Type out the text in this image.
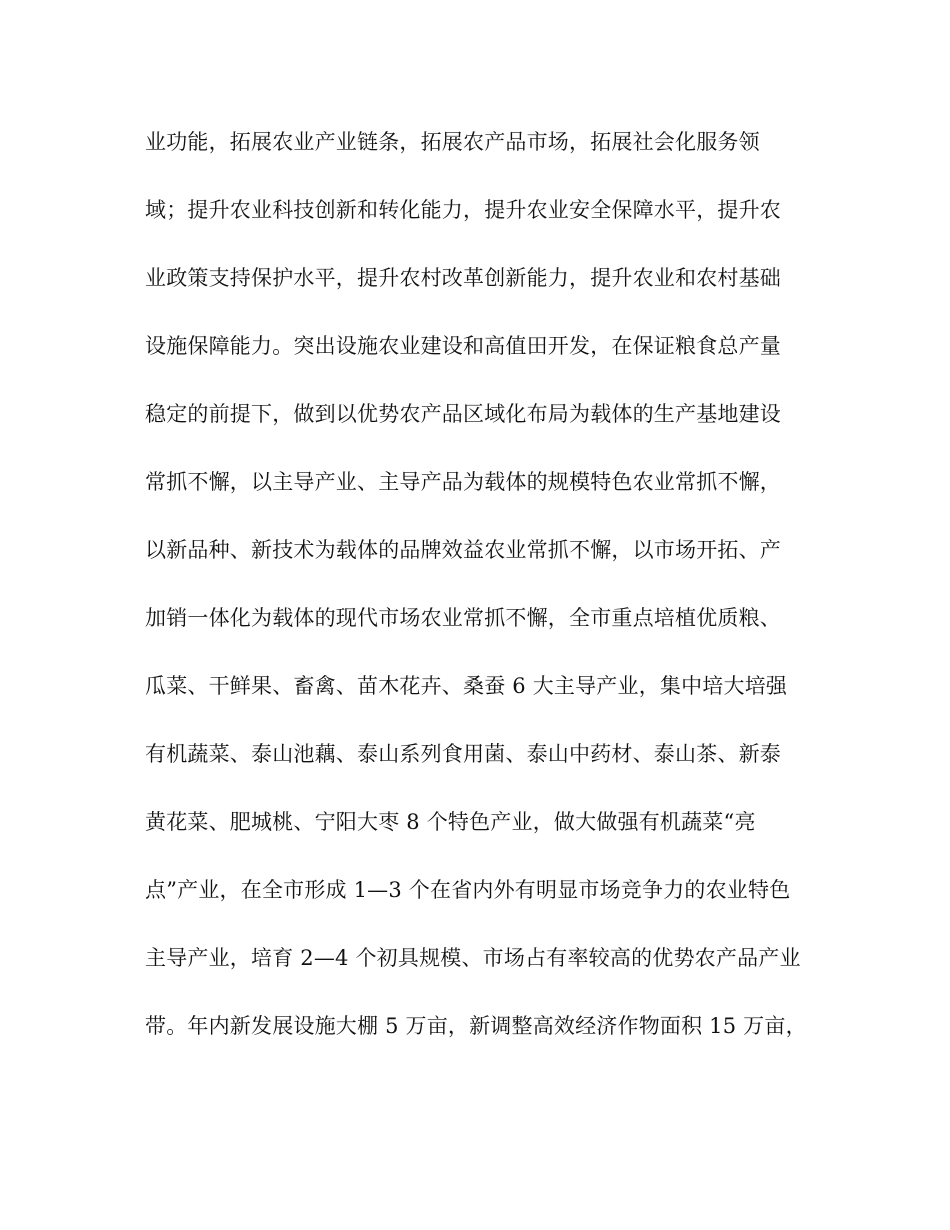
业功能，拓展农业产业链条，拓展农产品市场，拓展社会化服务领
域；提升农业科技创新和转化能力，提升农业安全保障水平，提升农
业政策支持保护水平，提升农村改革创新能力，提升农业和农村基础
设施保障能力。突出设施农业建设和高值田开发，在保证粮食总产量
稳定的前提下，做到以优势农产品区域化布局为载体的生产基地建设
常抓不懈，以主导产业、主导产品为载体的规模特色农业常抓不懈，
以新品种、新技术为载体的品牌效益农业常抓不懈，以市场开拓、产
加销一体化为载体的现代市场农业常抓不懈，全市重点培植优质粮、
瓜菜、干鲜果、畜禽、苗木花卉、桑蚕 6 大主导产业，集中培大培强
有机蔬菜、泰山池藕、泰山系列食用菌、泰山中药材、泰山茶、新泰
黄花菜、肥城桃、宁阳大枣 8 个特色产业，做大做强有机蔬菜“亮
点”产业，在全市形成 1—3 个在省内外有明显市场竞争力的农业特色
主导产业，培育 2—4 个初具规模、市场占有率较高的优势农产品产业
带。年内新发展设施大棚 5 万亩，新调整高效经济作物面积 15 万亩，
